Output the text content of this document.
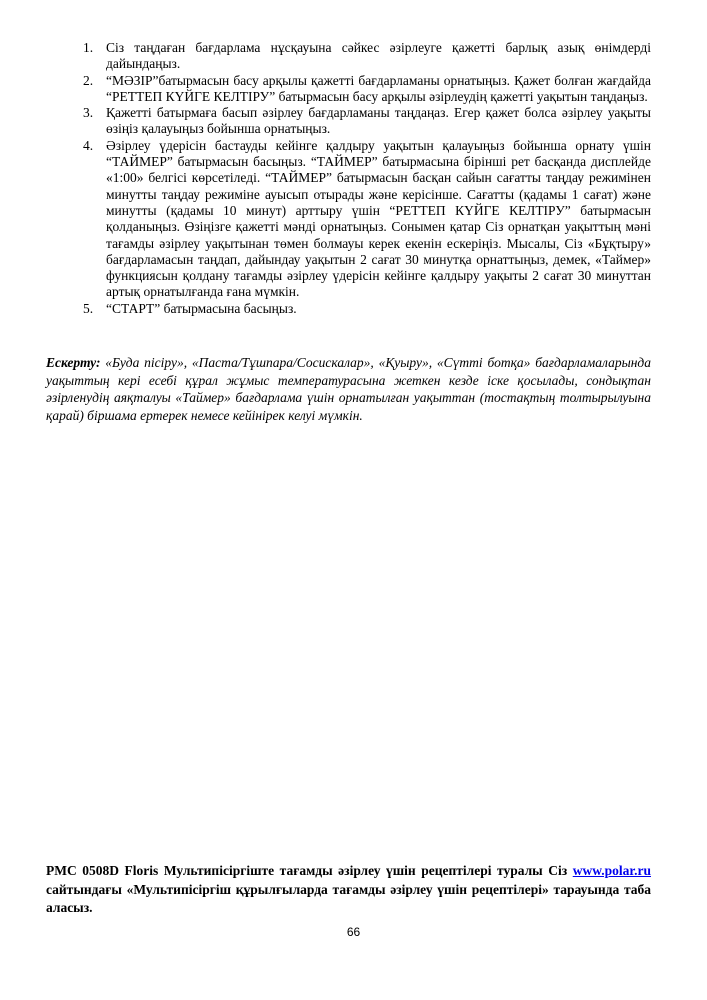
1. Сіз таңдаған бағдарлама нұсқауына сәйкес әзірлеуге қажетті барлық азық өнімдерді дайындаңыз.
2. “МӘЗІР”батырмасын басу арқылы қажетті бағдарламаны орнатыңыз. Қажет болған жағдайда “РЕТТЕП КҮЙГЕ КЕЛТІРУ” батырмасын басу арқылы әзірлеудің қажетті уақытын таңдаңыз.
3. Қажетті батырмаға басып әзірлеу бағдарламаны таңдаңаз. Егер қажет болса әзірлеу уақыты өзіңіз қалауыңыз бойынша орнатыңыз.
4. Әзірлеу үдерісін бастауды кейінге қалдыру уақытын қалауыңыз бойынша орнату үшін “ТАЙМЕР” батырмасын басыңыз. “ТАЙМЕР” батырмасына бірінші рет басқанда дисплейде «1:00» белгісі көрсетіледі. “ТАЙМЕР” батырмасын басқан сайын сағатты таңдау режимінен минутты таңдау режиміне ауысып отырады және керісінше. Сағатты (қадамы 1 сағат) және минутты (қадамы 10 минут) арттыру үшін “РЕТТЕП КҮЙГЕ КЕЛТІРУ” батырмасын қолданыңыз. Өзіңізге қажетті мәнді орнатыңыз. Сонымен қатар Сіз орнатқан уақыттың мәні тағамды әзірлеу уақытынан төмен болмауы керек екенін ескеріңіз. Мысалы, Сіз «Бұқтыру» бағдарламасын таңдап, дайындау уақытын 2 сағат 30 минутқа орнаттыңыз, демек, «Таймер» функциясын қолдану тағамды әзірлеу үдерісін кейінге қалдыру уақыты 2 сағат 30 минуттан артық орнатылғанда ғана мүмкін.
5. “СТАРТ” батырмасына басыңыз.

Ескерту: «Буда пісіру», «Паста/Тұшпара/Сосискалар», «Қуыру», «Сүтті ботқа» бағдарламаларында уақыттың кері есебі құрал жұмыс температурасына жеткен кезде іске қосылады, сондықтан әзірленудің аяқталуы «Таймер» бағдарлама үшін орнатылған уақыттан (тостақтың толтырылуына қарай) біршама ертерек немесе кейінірек келуі мүмкін.

PMC 0508D Floris Мультипісіргіште тағамды әзірлеу үшін рецептілері туралы Сіз www.polar.ru сайтындағы «Мультипісіргіш құрылғыларда тағамды әзірлеу үшін рецептілері» тарауында таба аласыз.

66
